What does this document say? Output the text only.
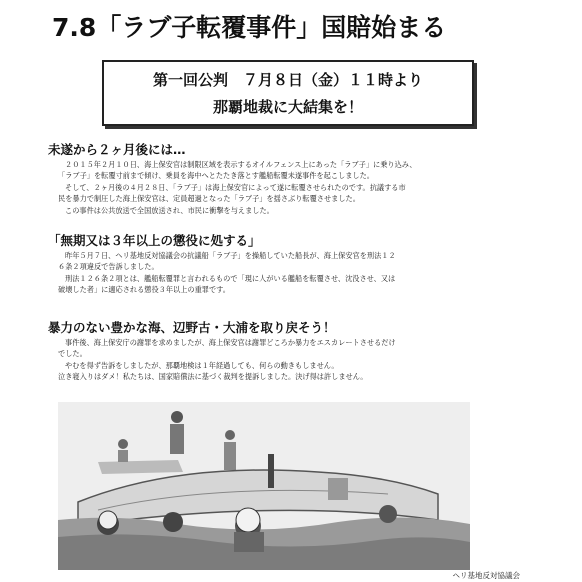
7.8「ラブ子転覆事件」国賠始まる
第一回公判　７月８日（金）１１時より
那覇地裁に大結集を！
未遂から２ヶ月後には…
２０１５年２月１０日、海上保安官は制限区域を表示するオイルフェンス上にあった「ラブ子」に乗り込み、
「ラブ子」を転覆寸前まで傾け、乗員を海中へとたたき落とす艦船転覆未遂事件を起こしました。
そして、２ヶ月後の４月２８日、「ラブ子」は海上保安官によって遂に転覆させられたのです。抗議する市
民を暴力で制圧した海上保安官は、定員超過となった「ラブ子」を揺さぶり転覆させました。
この事件は公共放送で全国放送され、市民に衝撃を与えました。
「無期又は３年以上の懲役に処する」
昨年５月７日、ヘリ基地反対協議会の抗議船「ラブ子」を操船していた船長が、海上保安官を刑法１２
６条２項違反で告訴しました。
刑法１２６条２項とは、艦船転覆罪と言われるもので「現に人がいる艦船を転覆させ、沈没させ、又は
破壊した者」に適応される懲役３年以上の重罪です。
暴力のない豊かな海、辺野古・大浦を取り戻そう！
事件後、海上保安庁の謝罪を求めましたが、海上保安官は謝罪どころか暴力をエスカレートさせるだけ
でした。
やむを得ず告訴をしましたが、那覇地検は１年経過しても、何らの動きもしません。
泣き寝入りはダメ！私たちは、国家賠償法に基づく裁判を提訴しました。決げ得は許しません。
ヘリ基地反対協議会
